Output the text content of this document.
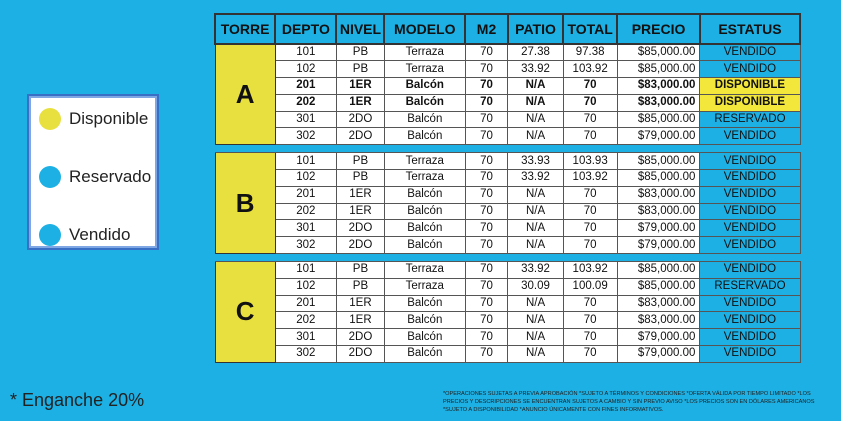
Disponible
Reservado
Vendido
TORRE	DEPTO	NIVEL	MODELO	M2	PATIO	TOTAL	PRECIO	ESTATUS
A	101	PB	Terraza	70	27.38	97.38	$85,000.00	VENDIDO
	102	PB	Terraza	70	33.92	103.92	$85,000.00	VENDIDO
	201	1ER	Balcón	70	N/A	70	$83,000.00	DISPONIBLE
	202	1ER	Balcón	70	N/A	70	$83,000.00	DISPONIBLE
	301	2DO	Balcón	70	N/A	70	$85,000.00	RESERVADO
	302	2DO	Balcón	70	N/A	70	$79,000.00	VENDIDO

B	101	PB	Terraza	70	33.93	103.93	$85,000.00	VENDIDO
	102	PB	Terraza	70	33.92	103.92	$85,000.00	VENDIDO
	201	1ER	Balcón	70	N/A	70	$83,000.00	VENDIDO
	202	1ER	Balcón	70	N/A	70	$83,000.00	VENDIDO
	301	2DO	Balcón	70	N/A	70	$79,000.00	VENDIDO
	302	2DO	Balcón	70	N/A	70	$79,000.00	VENDIDO

C	101	PB	Terraza	70	33.92	103.92	$85,000.00	VENDIDO
	102	PB	Terraza	70	30.09	100.09	$85,000.00	RESERVADO
	201	1ER	Balcón	70	N/A	70	$83,000.00	VENDIDO
	202	1ER	Balcón	70	N/A	70	$83,000.00	VENDIDO
	301	2DO	Balcón	70	N/A	70	$79,000.00	VENDIDO
	302	2DO	Balcón	70	N/A	70	$79,000.00	VENDIDO
* Enganche 20%	*OPERACIONES SUJETAS A PREVIA APROBACIÓN *SUJETO A TÉRMINOS Y CONDICIONES *OFERTA VÁLIDA POR TIEMPO LIMITADO *LOS PRECIOS Y DESCRIPCIONES SE ENCUENTRAN SUJETOS A CAMBIO Y SIN PREVIO AVISO *LOS PRECIOS SON EN DÓLARES AMERICANOS *SUJETO A DISPONIBILIDAD *ANUNCIO ÚNICAMENTE CON FINES INFORMATIVOS.
